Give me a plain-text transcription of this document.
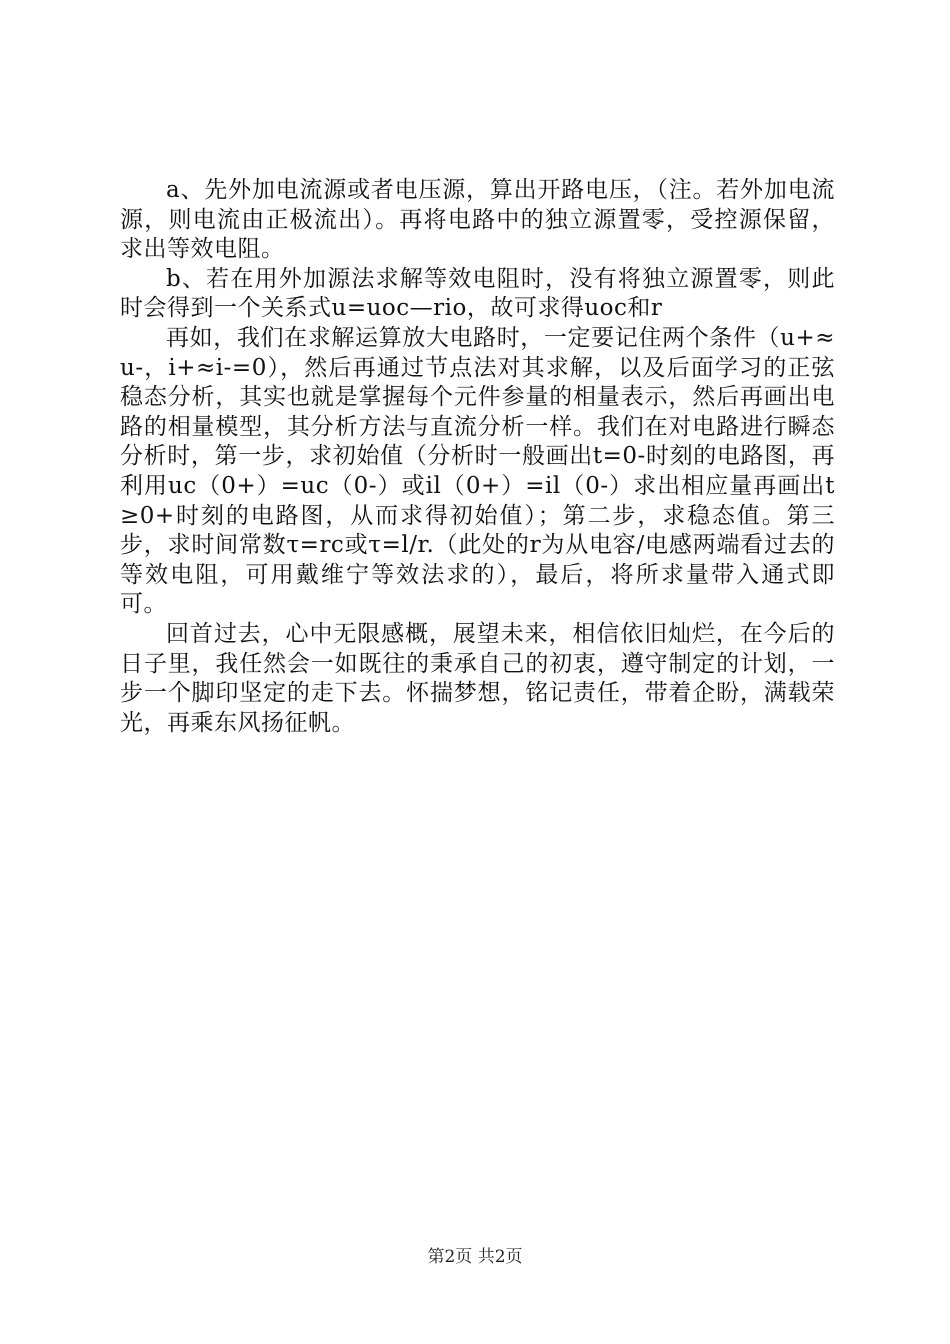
a、先外加电流源或者电压源，算出开路电压，（注。若外加电流源，则电流由正极流出）。再将电路中的独立源置零，受控源保留，求出等效电阻。

b、若在用外加源法求解等效电阻时，没有将独立源置零，则此时会得到一个关系式u=uoc—rio，故可求得uoc和r

再如，我们在求解运算放大电路时，一定要记住两个条件（u+≈u-，i+≈i-=0），然后再通过节点法对其求解，以及后面学习的正弦稳态分析，其实也就是掌握每个元件参量的相量表示，然后再画出电路的相量模型，其分析方法与直流分析一样。我们在对电路进行瞬态分析时，第一步，求初始值（分析时一般画出t=0-时刻的电路图，再利用uc（0+）=uc（0-）或il（0+）=il（0-）求出相应量再画出t≥0+时刻的电路图，从而求得初始值）；第二步，求稳态值。第三步，求时间常数τ=rc或τ=l/r.（此处的r为从电容/电感两端看过去的等效电阻，可用戴维宁等效法求的），最后，将所求量带入通式即可。

回首过去，心中无限感概，展望未来，相信依旧灿烂，在今后的日子里，我任然会一如既往的秉承自己的初衷，遵守制定的计划，一步一个脚印坚定的走下去。怀揣梦想，铭记责任，带着企盼，满载荣光，再乘东风扬征帆。

第2页 共2页
